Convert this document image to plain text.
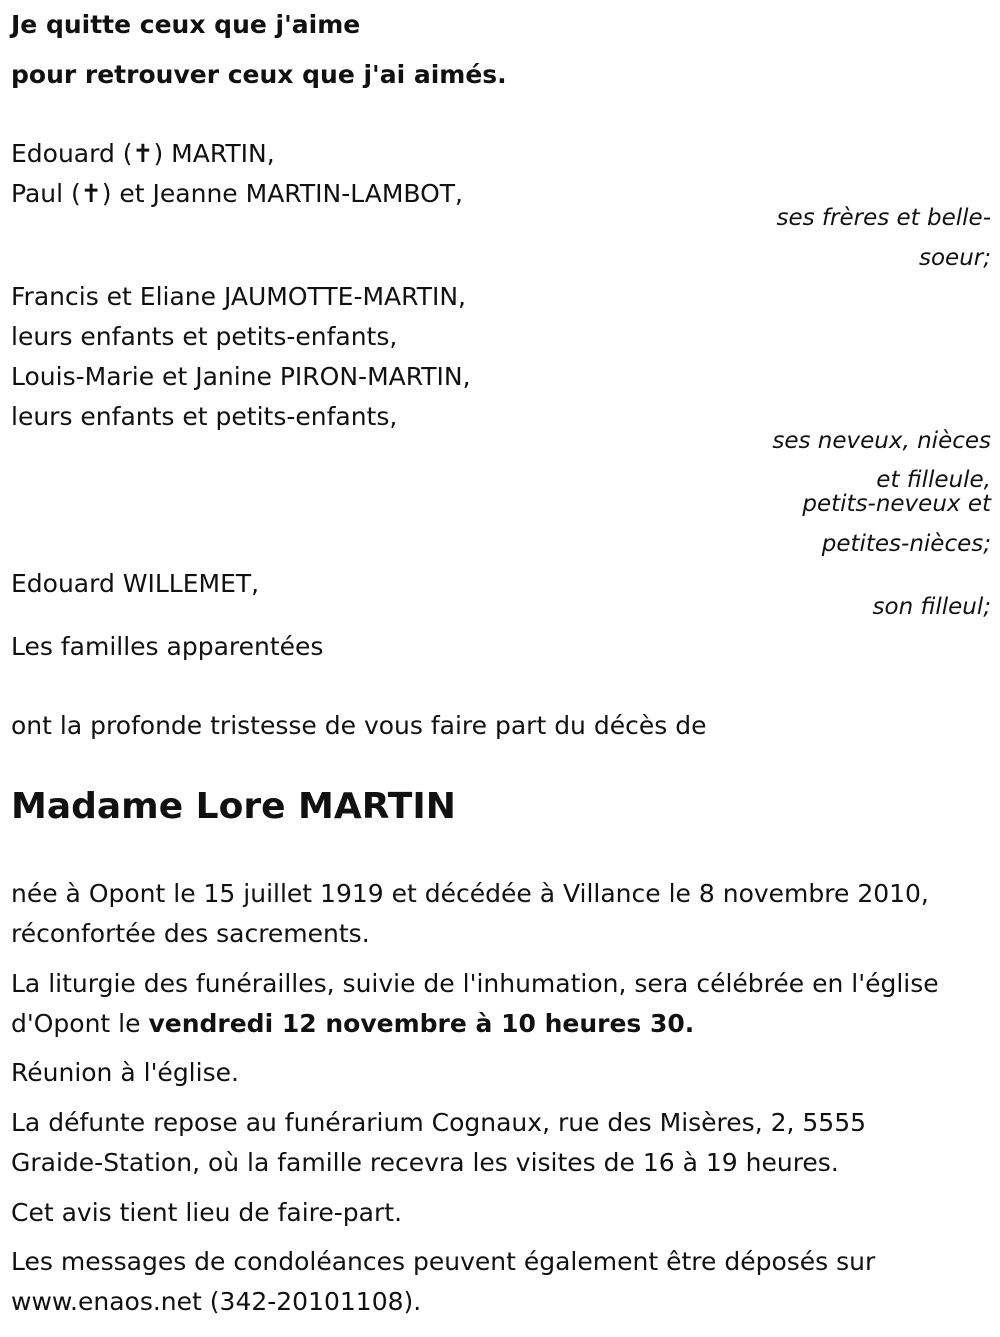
Je quitte ceux que j'aime

pour retrouver ceux que j'ai aimés.

Edouard (✝) MARTIN,

Paul (✝) et Jeanne MARTIN-LAMBOT,

ses frères et belle-

soeur;

Francis et Eliane JAUMOTTE-MARTIN,

leurs enfants et petits-enfants,

Louis-Marie et Janine PIRON-MARTIN,

leurs enfants et petits-enfants,

ses neveux, nièces

et filleule,

petits-neveux et

petites-nièces;

Edouard WILLEMET,

son filleul;

Les familles apparentées

ont la profonde tristesse de vous faire part du décès de

Madame Lore MARTIN

née à Opont le 15 juillet 1919 et décédée à Villance le 8 novembre 2010,

réconfortée des sacrements.

La liturgie des funérailles, suivie de l'inhumation, sera célébrée en l'église

d'Opont le vendredi 12 novembre à 10 heures 30.

Réunion à l'église.

La défunte repose au funérarium Cognaux, rue des Misères, 2, 5555

Graide-Station, où la famille recevra les visites de 16 à 19 heures.

Cet avis tient lieu de faire-part.

Les messages de condoléances peuvent également être déposés sur

www.enaos.net (342-20101108).
